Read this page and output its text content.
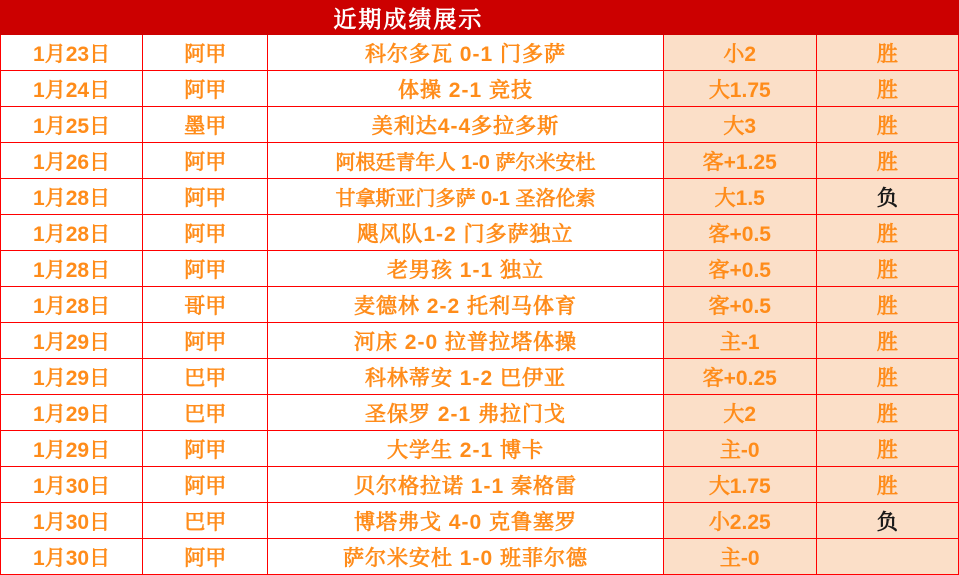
近期成绩展示				
1月23日	阿甲	科尔多瓦 0-1 门多萨	小2	胜
1月24日	阿甲	体操 2-1 竞技	大1.75	胜
1月25日	墨甲	美利达4-4多拉多斯	大3	胜
1月26日	阿甲	阿根廷青年人 1-0 萨尔米安杜	客+1.25	胜
1月28日	阿甲	甘拿斯亚门多萨 0-1 圣洛伦索	大1.5	负
1月28日	阿甲	飓风队1-2 门多萨独立	客+0.5	胜
1月28日	阿甲	老男孩 1-1 独立	客+0.5	胜
1月28日	哥甲	麦德林 2-2 托利马体育	客+0.5	胜
1月29日	阿甲	河床 2-0 拉普拉塔体操	主-1	胜
1月29日	巴甲	科林蒂安 1-2 巴伊亚	客+0.25	胜
1月29日	巴甲	圣保罗 2-1 弗拉门戈	大2	胜
1月29日	阿甲	大学生 2-1 博卡	主-0	胜
1月30日	阿甲	贝尔格拉诺 1-1 秦格雷	大1.75	胜
1月30日	巴甲	博塔弗戈 4-0 克鲁塞罗	小2.25	负
1月30日	阿甲	萨尔米安杜 1-0 班菲尔德	主-0	
